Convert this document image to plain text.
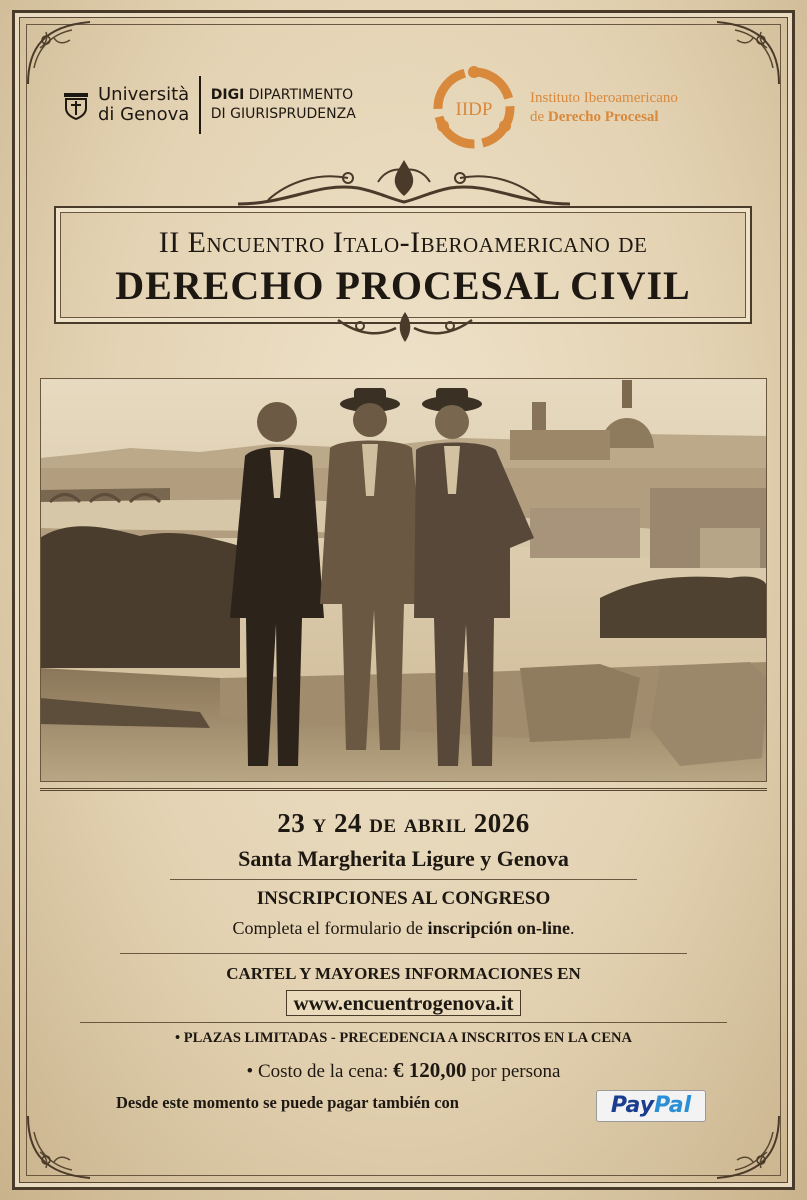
Università
di Genova
DIGI DIPARTIMENTO
DI GIURISPRUDENZA	IIDP
Instituto Iberoamericano
de Derecho Procesal
II Encuentro Italo-Iberoamericano de
DERECHO PROCESAL CIVIL
23 y 24 de abril 2026
Santa Margherita Ligure y Genova
INSCRIPCIONES AL CONGRESO
Completa el formulario de inscripción on-line.
CARTEL Y MAYORES INFORMACIONES EN
www.encuentrogenova.it
• PLAZAS LIMITADAS - PRECEDENCIA A INSCRITOS EN LA CENA
• Costo de la cena: € 120,00 por persona
Desde este momento se puede pagar también con	PayPal
